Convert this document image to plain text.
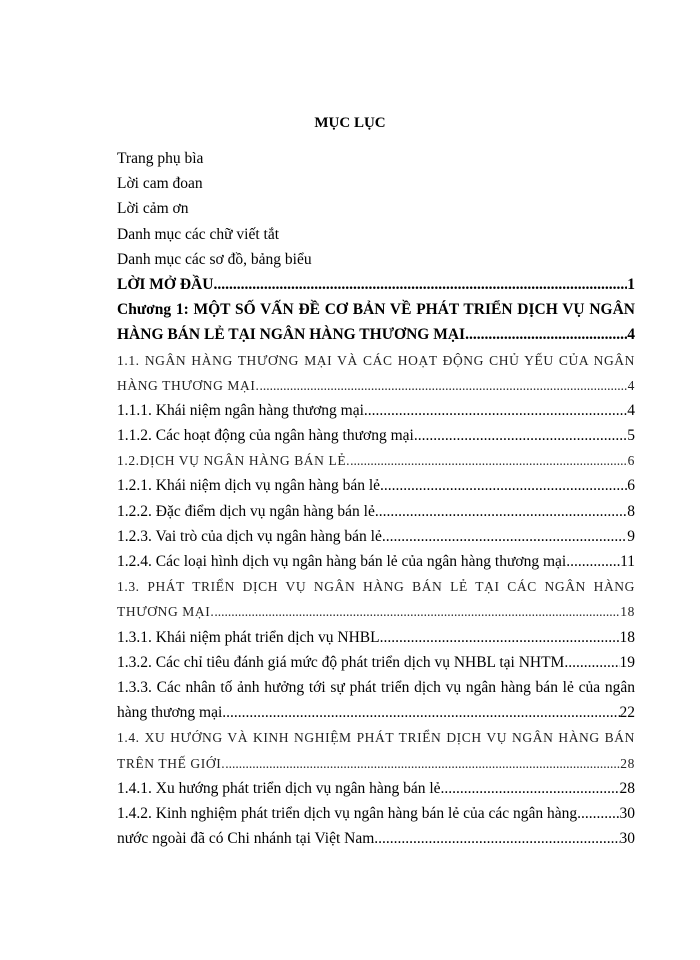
MỤC LỤC
Trang phụ bìa
Lời cam đoan
Lời cảm ơn
Danh mục các chữ viết tắt
Danh mục các sơ đồ, bảng biểu
LỜI MỞ ĐẦU .....	1
Chương 1: MỘT SỐ VẤN ĐỀ CƠ BẢN VỀ PHÁT TRIỂN DỊCH VỤ NGÂN
HÀNG BÁN LẺ TẠI NGÂN HÀNG THƯƠNG MẠI .....	4
1.1. NGÂN HÀNG THƯƠNG MẠI VÀ CÁC HOẠT ĐỘNG CHỦ YẾU CỦA NGÂN
HÀNG THƯƠNG MẠI. .....	4
1.1.1. Khái niệm ngân hàng thương mại .....	4
1.1.2. Các hoạt động của ngân hàng thương mại .....	5
1.2.DỊCH VỤ NGÂN HÀNG BÁN LẺ. .....	6
1.2.1. Khái niệm dịch vụ ngân hàng bán lẻ. .....	6
1.2.2. Đặc điểm dịch vụ ngân hàng bán lẻ. .....	8
1.2.3. Vai trò của dịch vụ ngân hàng bán lẻ. .....	9
1.2.4. Các loại hình dịch vụ ngân hàng bán lẻ của ngân hàng thương mại. .....	11
1.3. PHÁT TRIỂN DỊCH VỤ NGÂN HÀNG BÁN LẺ TẠI CÁC NGÂN HÀNG
THƯƠNG MẠI. .....	18
1.3.1. Khái niệm phát triển dịch vụ NHBL. .....	18
1.3.2. Các chỉ tiêu đánh giá mức độ phát triển dịch vụ NHBL tại NHTM .....	19
1.3.3. Các nhân tố ảnh hưởng tới sự phát triển dịch vụ ngân hàng bán lẻ của ngân
hàng thương mại. .....	22
1.4. XU HƯỚNG VÀ KINH NGHIỆM PHÁT TRIỂN DỊCH VỤ NGÂN HÀNG BÁN
TRÊN THẾ GIỚI. .....	28
1.4.1. Xu hướng phát triển dịch vụ ngân hàng bán lẻ. .....	28
1.4.2. Kinh nghiệm phát triển dịch vụ ngân hàng bán lẻ của các ngân hàng .....	30
nước ngoài đã có Chi nhánh tại Việt Nam. .....	30
